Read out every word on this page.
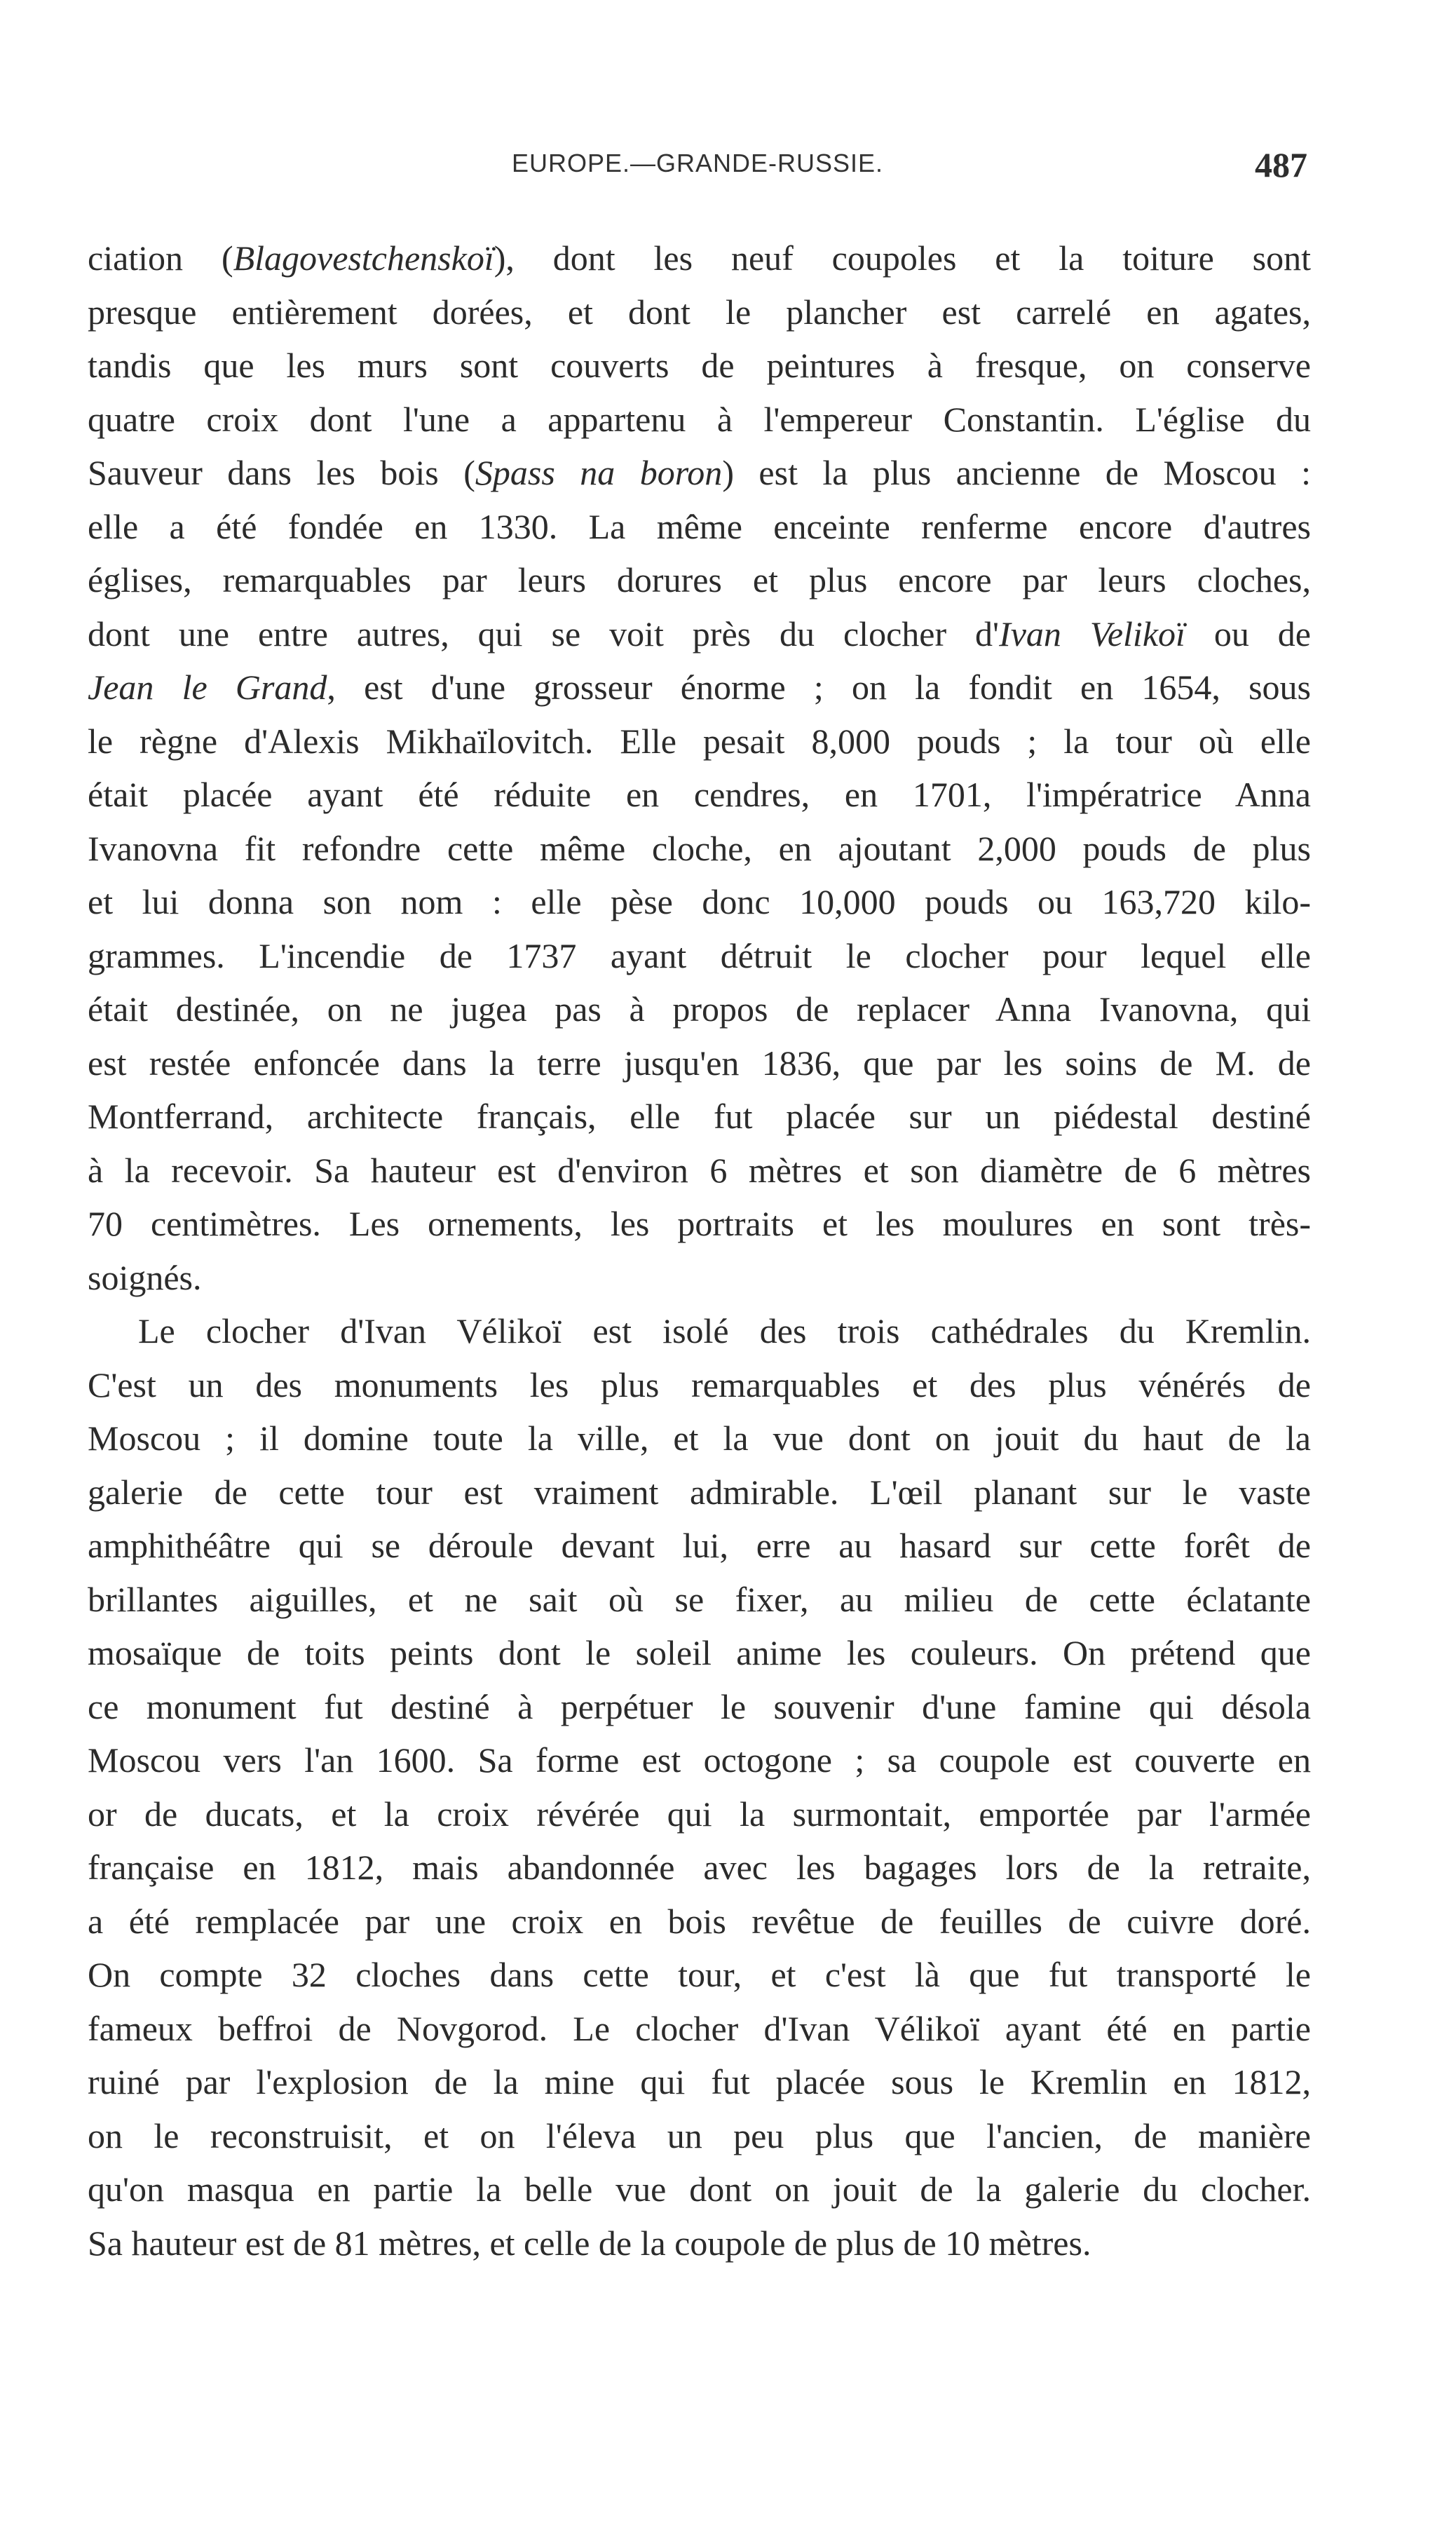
EUROPE.—GRANDE-RUSSIE.	487
ciation (Blagovestchenskoï), dont les neuf coupoles et la toiture sont
presque entièrement dorées, et dont le plancher est carrelé en agates,
tandis que les murs sont couverts de peintures à fresque, on conserve
quatre croix dont l'une a appartenu à l'empereur Constantin. L'église du
Sauveur dans les bois (Spass na boron) est la plus ancienne de Moscou :
elle a été fondée en 1330. La même enceinte renferme encore d'autres
églises, remarquables par leurs dorures et plus encore par leurs cloches,
dont une entre autres, qui se voit près du clocher d'Ivan Velikoï ou de
Jean le Grand, est d'une grosseur énorme ; on la fondit en 1654, sous
le règne d'Alexis Mikhaïlovitch. Elle pesait 8,000 pouds ; la tour où elle
était placée ayant été réduite en cendres, en 1701, l'impératrice Anna
Ivanovna fit refondre cette même cloche, en ajoutant 2,000 pouds de plus
et lui donna son nom : elle pèse donc 10,000 pouds ou 163,720 kilo-
grammes. L'incendie de 1737 ayant détruit le clocher pour lequel elle
était destinée, on ne jugea pas à propos de replacer Anna Ivanovna, qui
est restée enfoncée dans la terre jusqu'en 1836, que par les soins de M. de
Montferrand, architecte français, elle fut placée sur un piédestal destiné
à la recevoir. Sa hauteur est d'environ 6 mètres et son diamètre de 6 mètres
70 centimètres. Les ornements, les portraits et les moulures en sont très-
soignés.
Le clocher d'Ivan Vélikoï est isolé des trois cathédrales du Kremlin.
C'est un des monuments les plus remarquables et des plus vénérés de
Moscou ; il domine toute la ville, et la vue dont on jouit du haut de la
galerie de cette tour est vraiment admirable. L'œil planant sur le vaste
amphithéâtre qui se déroule devant lui, erre au hasard sur cette forêt de
brillantes aiguilles, et ne sait où se fixer, au milieu de cette éclatante
mosaïque de toits peints dont le soleil anime les couleurs. On prétend que
ce monument fut destiné à perpétuer le souvenir d'une famine qui désola
Moscou vers l'an 1600. Sa forme est octogone ; sa coupole est couverte en
or de ducats, et la croix révérée qui la surmontait, emportée par l'armée
française en 1812, mais abandonnée avec les bagages lors de la retraite,
a été remplacée par une croix en bois revêtue de feuilles de cuivre doré.
On compte 32 cloches dans cette tour, et c'est là que fut transporté le
fameux beffroi de Novgorod. Le clocher d'Ivan Vélikoï ayant été en partie
ruiné par l'explosion de la mine qui fut placée sous le Kremlin en 1812,
on le reconstruisit, et on l'éleva un peu plus que l'ancien, de manière
qu'on masqua en partie la belle vue dont on jouit de la galerie du clocher.
Sa hauteur est de 81 mètres, et celle de la coupole de plus de 10 mètres.
